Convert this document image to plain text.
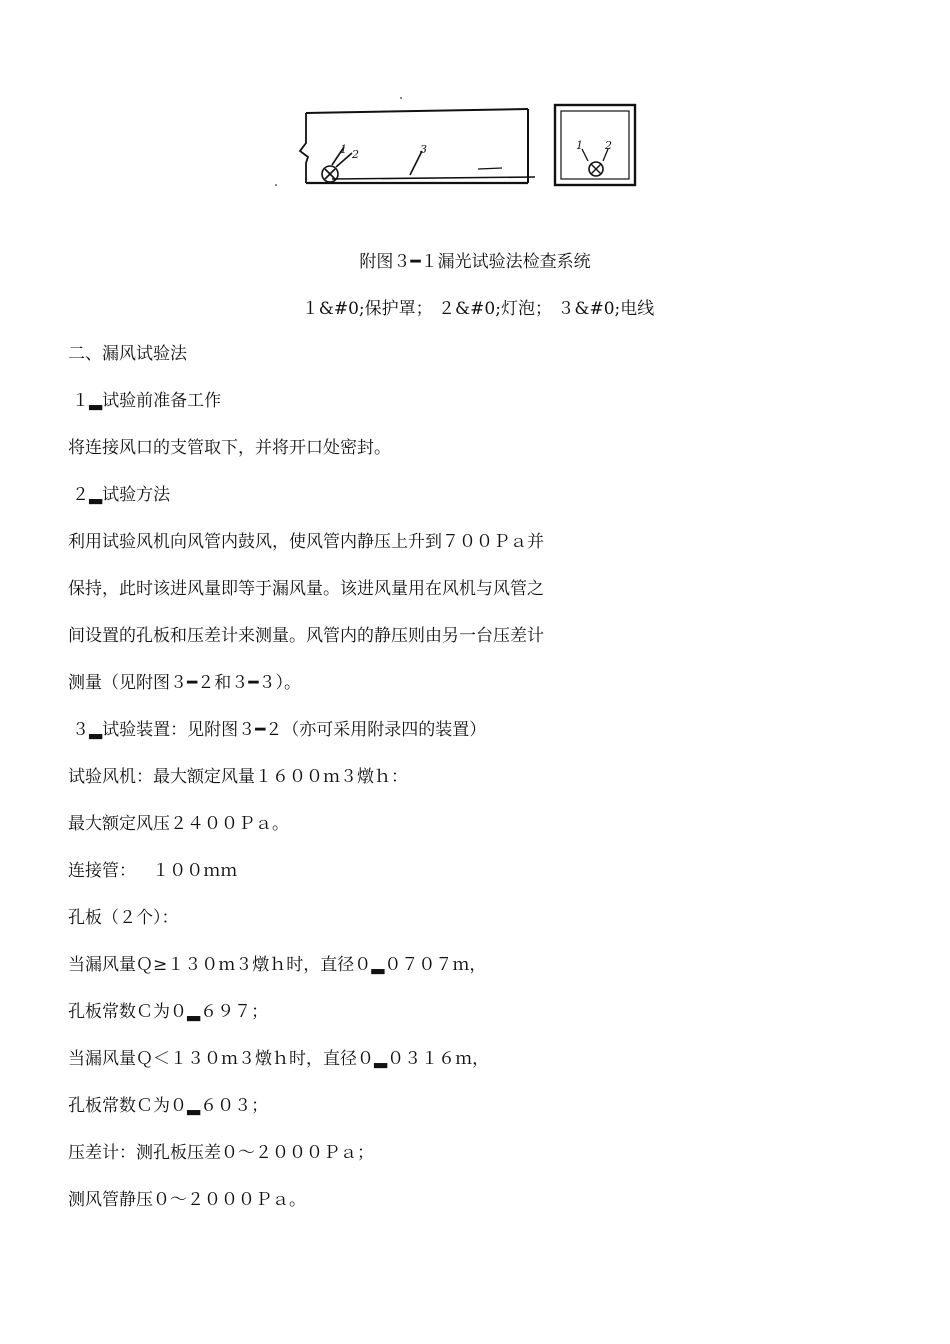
1 2	3	1 2
附图３━１漏光试验法检查系统
１&#0;保护罩； ２&#0;灯泡； ３&#0;电线
二、漏风试验法
１▂试验前准备工作
将连接风口的支管取下，并将开口处密封。
２▂试验方法
利用试验风机向风管内鼓风，使风管内静压上升到７００Ｐａ并
保持，此时该进风量即等于漏风量。该进风量用在风机与风管之
间设置的孔板和压差计来测量。风管内的静压则由另一台压差计
测量（见附图３━２和３━３）。
３▂试验装置：见附图３━２（亦可采用附录四的装置）
试验风机：最大额定风量１６００ｍ３燉ｈ：
最大额定风压２４００Ｐａ。
连接管：   １００ｍｍ
孔板（２个）：
当漏风量Ｑ≥１３０ｍ３燉ｈ时，直径０▂０７０７ｍ，
孔板常数Ｃ为０▂６９７；
当漏风量Ｑ＜１３０ｍ３燉ｈ时，直径０▂０３１６ｍ，
孔板常数Ｃ为０▂６０３；
压差计：测孔板压差０～２０００Ｐａ；
测风管静压０～２０００Ｐａ。
